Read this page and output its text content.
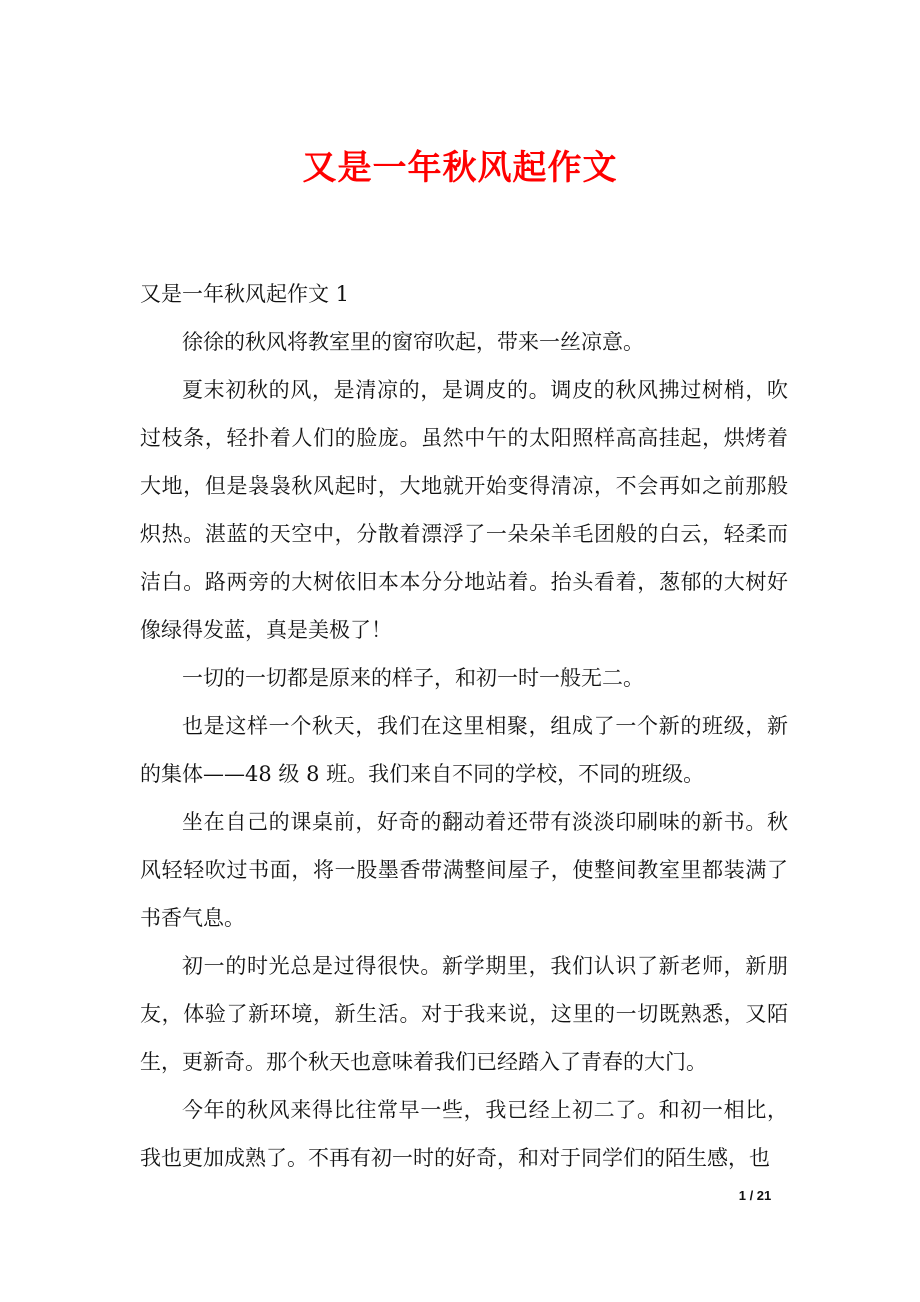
又是一年秋风起作文

又是一年秋风起作文 1

徐徐的秋风将教室里的窗帘吹起，带来一丝凉意。

夏末初秋的风，是清凉的，是调皮的。调皮的秋风拂过树梢，吹过枝条，轻扑着人们的脸庞。虽然中午的太阳照样高高挂起，烘烤着大地，但是袅袅秋风起时，大地就开始变得清凉，不会再如之前那般炽热。湛蓝的天空中，分散着漂浮了一朵朵羊毛团般的白云，轻柔而洁白。路两旁的大树依旧本本分分地站着。抬头看着，葱郁的大树好像绿得发蓝，真是美极了！

一切的一切都是原来的样子，和初一时一般无二。

也是这样一个秋天，我们在这里相聚，组成了一个新的班级，新的集体——48 级 8 班。我们来自不同的学校，不同的班级。

坐在自己的课桌前，好奇的翻动着还带有淡淡印刷味的新书。秋风轻轻吹过书面，将一股墨香带满整间屋子，使整间教室里都装满了书香气息。

初一的时光总是过得很快。新学期里，我们认识了新老师，新朋友，体验了新环境，新生活。对于我来说，这里的一切既熟悉，又陌生，更新奇。那个秋天也意味着我们已经踏入了青春的大门。

今年的秋风来得比往常早一些，我已经上初二了。和初一相比，我也更加成熟了。不再有初一时的好奇，和对于同学们的陌生感，也

1 / 21
